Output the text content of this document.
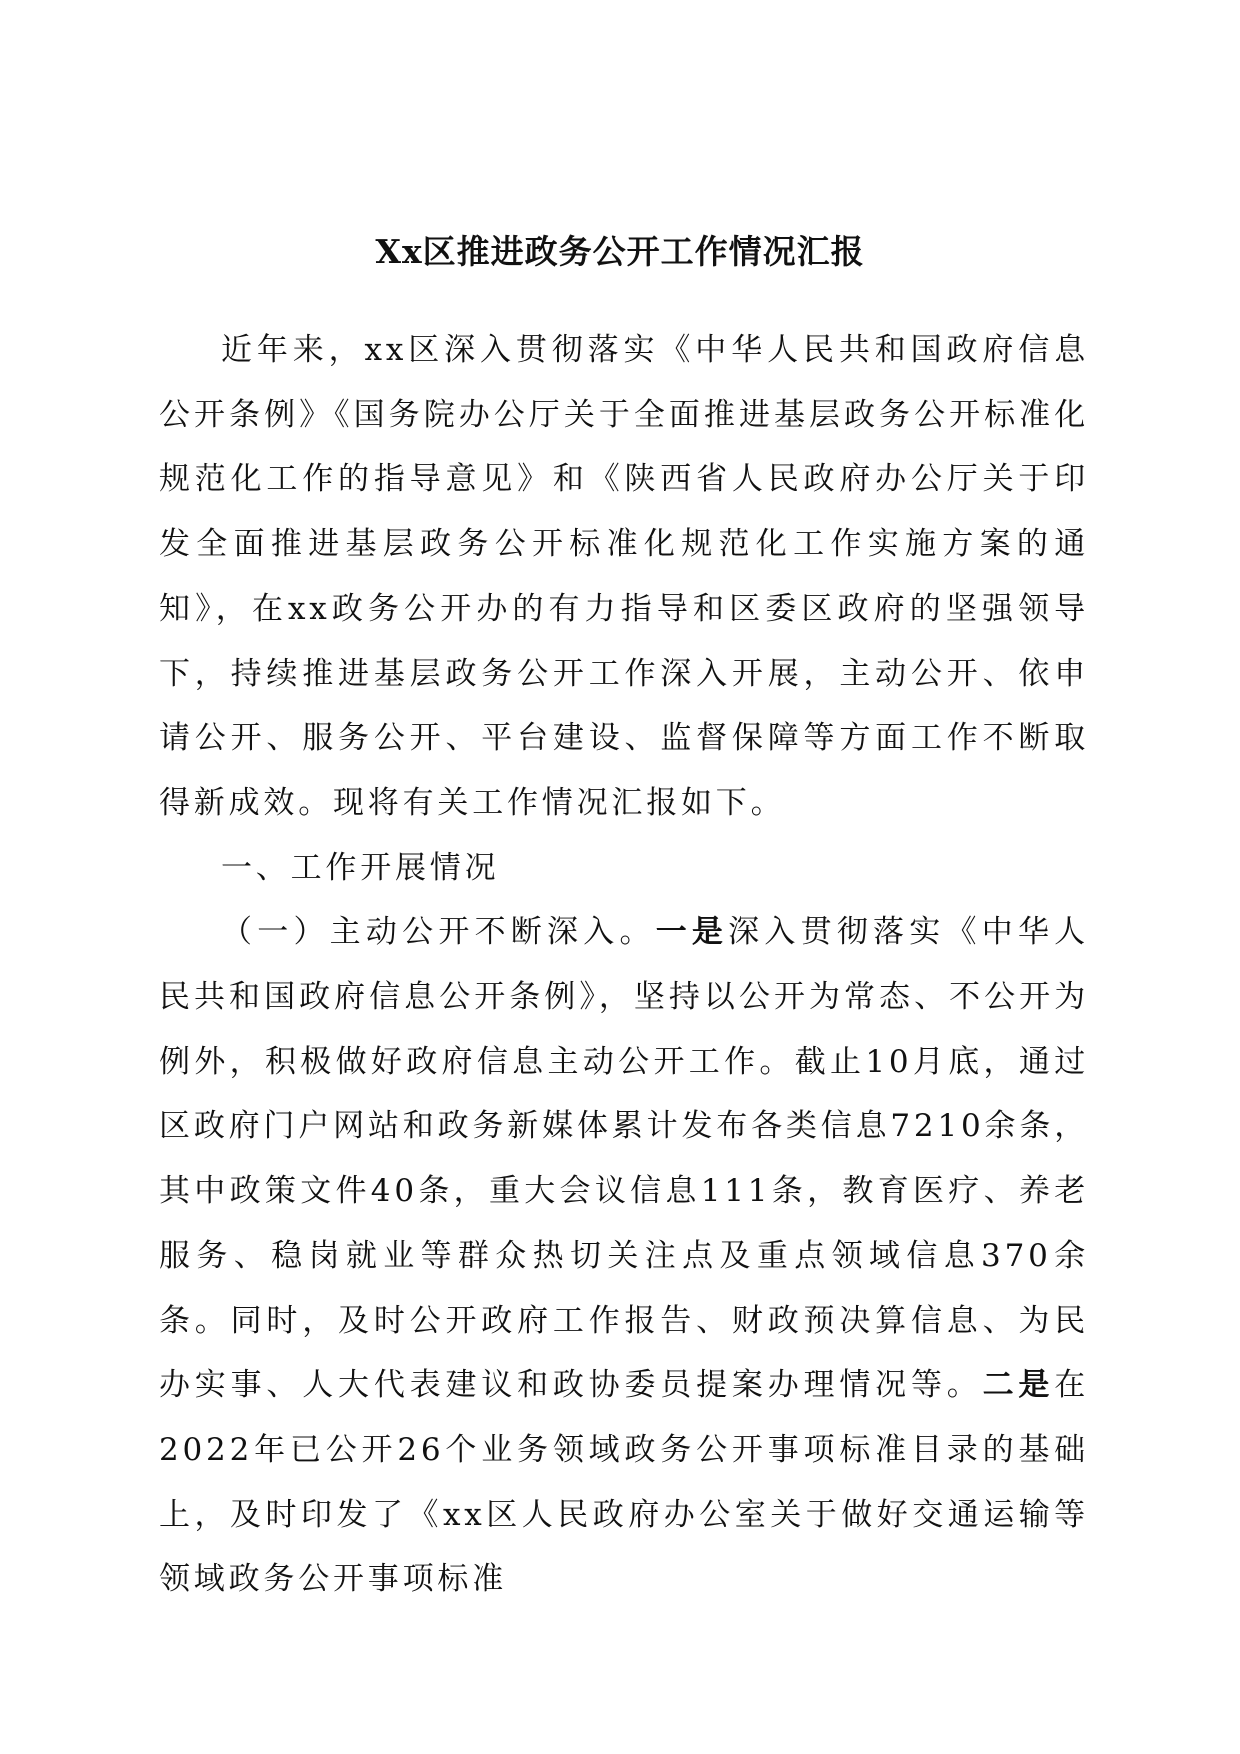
Xx区推进政务公开工作情况汇报

近年来，xx区深入贯彻落实《中华人民共和国政府信息公开条例》《国务院办公厅关于全面推进基层政务公开标准化规范化工作的指导意见》和《陕西省人民政府办公厅关于印发全面推进基层政务公开标准化规范化工作实施方案的通知》，在xx政务公开办的有力指导和区委区政府的坚强领导下，持续推进基层政务公开工作深入开展，主动公开、依申请公开、服务公开、平台建设、监督保障等方面工作不断取得新成效。现将有关工作情况汇报如下。

一、工作开展情况

（一）主动公开不断深入。一是深入贯彻落实《中华人民共和国政府信息公开条例》，坚持以公开为常态、不公开为例外，积极做好政府信息主动公开工作。截止10月底，通过区政府门户网站和政务新媒体累计发布各类信息7210余条，其中政策文件40条，重大会议信息111条，教育医疗、养老服务、稳岗就业等群众热切关注点及重点领域信息370余条。同时，及时公开政府工作报告、财政预决算信息、为民办实事、人大代表建议和政协委员提案办理情况等。二是在2022年已公开26个业务领域政务公开事项标准目录的基础上，及时印发了《xx区人民政府办公室关于做好交通运输等领域政务公开事项标准
